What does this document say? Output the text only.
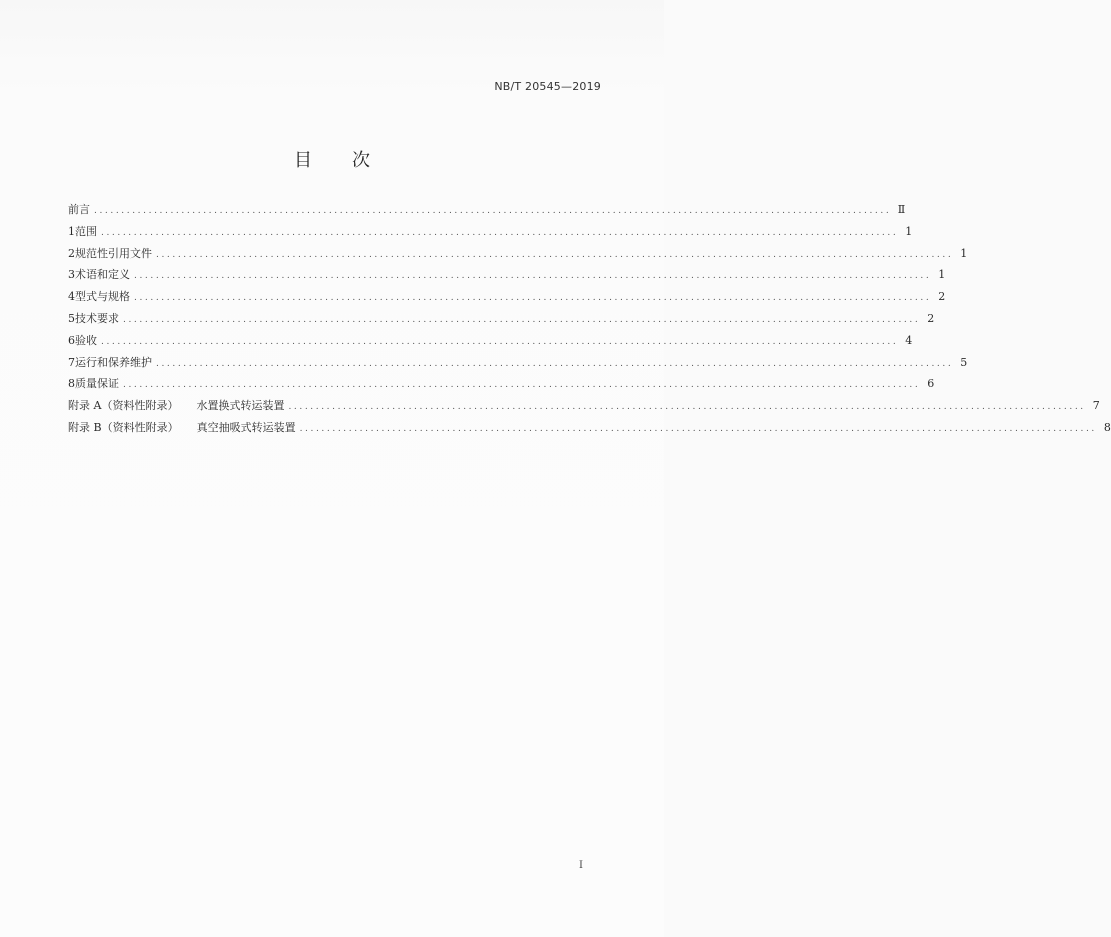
NB/T 20545—2019
目 次
前言 .................................................................................................................................................. Ⅱ
1 范围 .................................................................................................................................................. 1
2 规范性引用文件 .................................................................................................................................................. 1
3 术语和定义 .................................................................................................................................................. 1
4 型式与规格 .................................................................................................................................................. 2
5 技术要求 .................................................................................................................................................. 2
6 验收 .................................................................................................................................................. 4
7 运行和保养维护 .................................................................................................................................................. 5
8 质量保证 .................................................................................................................................................. 6
附录 A（资料性附录） 水置换式转运装置 .................................................................................................................................................. 7
附录 B（资料性附录） 真空抽吸式转运装置 .................................................................................................................................................. 8
I
